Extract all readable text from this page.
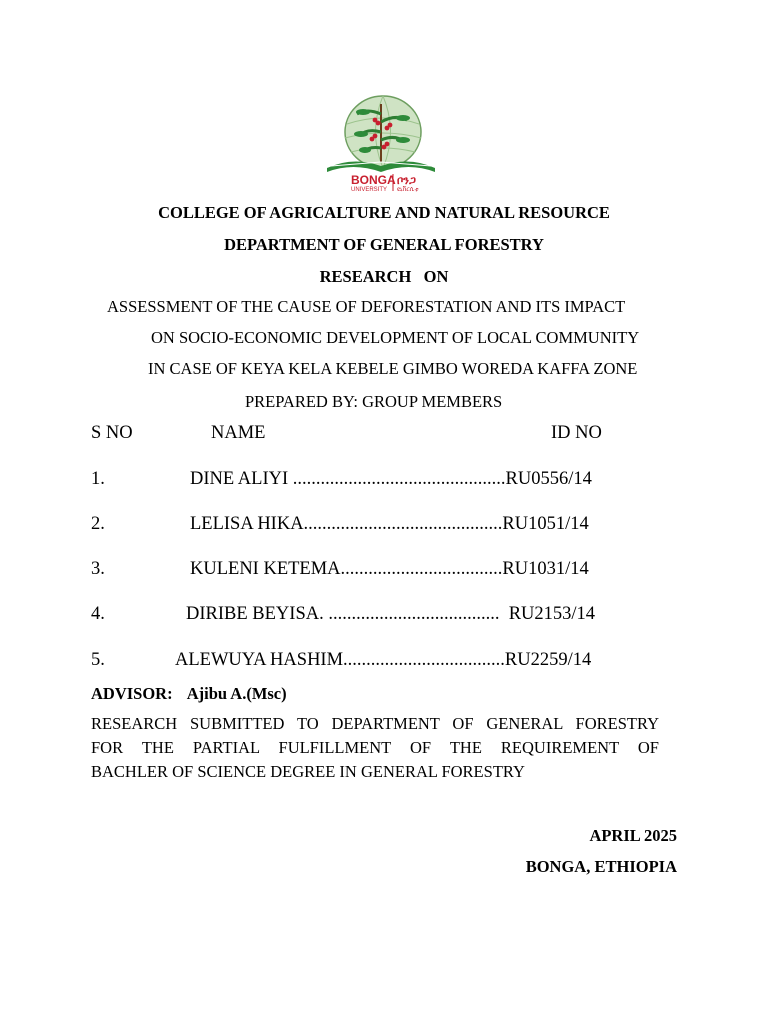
BONGA
UNIVERSITY
ቦንጋ
ዩኒቨርሲቲ
COLLEGE OF AGRICALTURE AND NATURAL RESOURCE
DEPARTMENT OF GENERAL FORESTRY
RESEARCH   ON
ASSESSMENT OF THE CAUSE OF DEFORESTATION AND ITS IMPACT
ON SOCIO-ECONOMIC DEVELOPMENT OF LOCAL COMMUNITY
IN CASE OF KEYA KELA KEBELE GIMBO WOREDA KAFFA ZONE
PREPARED BY: GROUP MEMBERS
S NO	NAME	ID NO
1.	DINE ALIYI ..............................................RU0556/14
2.	LELISA HIKA...........................................RU1051/14
3.	KULENI KETEMA...................................RU1031/14
4.	DIRIBE BEYISA. .....................................  RU2153/14
5.	ALEWUYA HASHIM...................................RU2259/14
ADVISOR: Ajibu A.(Msc)
RESEARCH SUBMITTED TO DEPARTMENT OF GENERAL FORESTRY
FOR THE PARTIAL FULFILLMENT OF THE REQUIREMENT OF
BACHLER OF SCIENCE DEGREE IN GENERAL FORESTRY
APRIL 2025
BONGA, ETHIOPIA
